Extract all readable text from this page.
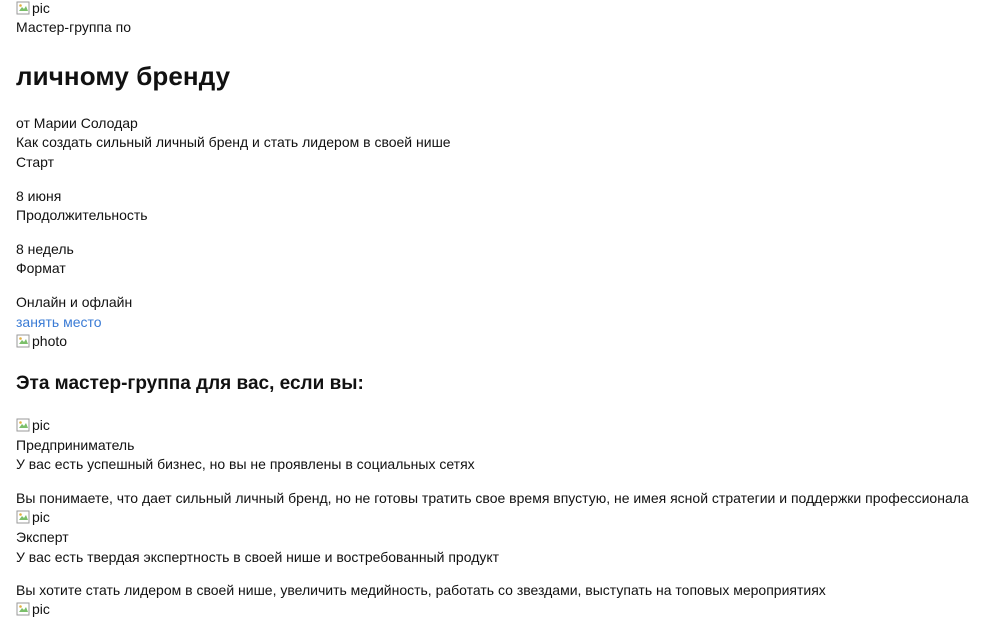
pic
Мастер-группа по
личному бренду
от Марии Солодар
Как создать сильный личный бренд и стать лидером в своей нише
Старт
8 июня
Продолжительность
8 недель
Формат
Онлайн и офлайн
занять место
photo
Эта мастер-группа для вас, если вы:
pic
Предприниматель
У вас есть успешный бизнес, но вы не проявлены в социальных сетях
Вы понимаете, что дает сильный личный бренд, но не готовы тратить свое время впустую, не имея ясной стратегии и поддержки профессионала
pic
Эксперт
У вас есть твердая экспертность в своей нише и востребованный продукт
Вы хотите стать лидером в своей нише, увеличить медийность, работать со звездами, выступать на топовых мероприятиях
pic
